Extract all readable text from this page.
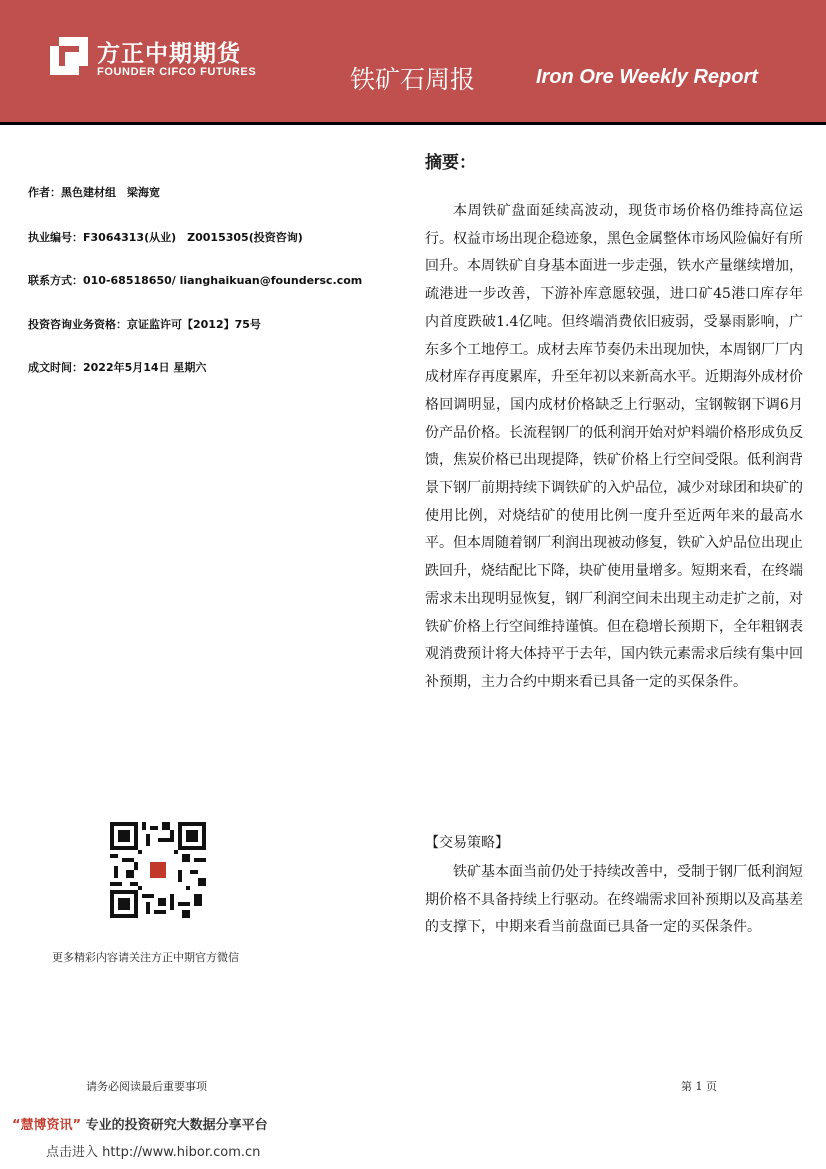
方正中期期货
FOUNDER CIFCO FUTURES	铁矿石周报	Iron Ore Weekly Report
作者：黑色建材组　梁海宽
执业编号：F3064313(从业)　Z0015305(投资咨询)
联系方式：010-68518650/ lianghaikuan@foundersc.com
投资咨询业务资格：京证监许可【2012】75号
成文时间：2022年5月14日 星期六
更多精彩内容请关注方正中期官方微信
摘要：
本周铁矿盘面延续高波动，现货市场价格仍维持高位运行。权益市场出现企稳迹象，黑色金属整体市场风险偏好有所回升。本周铁矿自身基本面进一步走强，铁水产量继续增加，疏港进一步改善，下游补库意愿较强，进口矿45港口库存年内首度跌破1.4亿吨。但终端消费依旧疲弱，受暴雨影响，广东多个工地停工。成材去库节奏仍未出现加快，本周钢厂厂内成材库存再度累库，升至年初以来新高水平。近期海外成材价格回调明显，国内成材价格缺乏上行驱动，宝钢鞍钢下调6月份产品价格。长流程钢厂的低利润开始对炉料端价格形成负反馈，焦炭价格已出现提降，铁矿价格上行空间受限。低利润背景下钢厂前期持续下调铁矿的入炉品位，减少对球团和块矿的使用比例，对烧结矿的使用比例一度升至近两年来的最高水平。但本周随着钢厂利润出现被动修复，铁矿入炉品位出现止跌回升，烧结配比下降，块矿使用量增多。短期来看，在终端需求未出现明显恢复，钢厂利润空间未出现主动走扩之前，对铁矿价格上行空间维持谨慎。但在稳增长预期下，全年粗钢表观消费预计将大体持平于去年，国内铁元素需求后续有集中回补预期，主力合约中期来看已具备一定的买保条件。
【交易策略】
铁矿基本面当前仍处于持续改善中，受制于钢厂低利润短期价格不具备持续上行驱动。在终端需求回补预期以及高基差的支撑下，中期来看当前盘面已具备一定的买保条件。
请务必阅读最后重要事项	第 1 页
“慧博资讯” 专业的投资研究大数据分享平台
点击进入 http://www.hibor.com.cn
